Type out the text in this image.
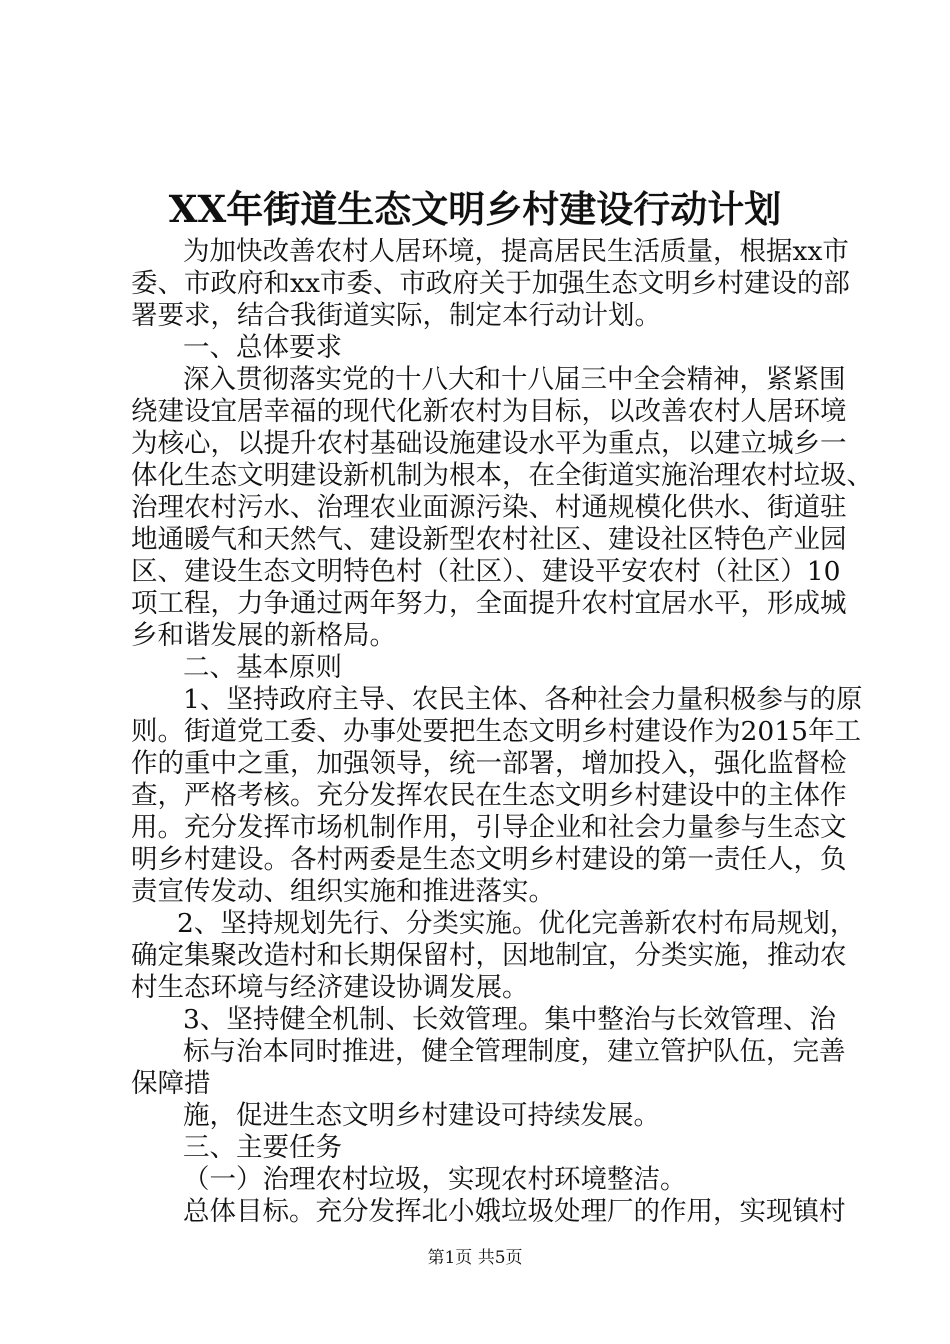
XX年街道生态文明乡村建设行动计划
为加快改善农村人居环境，提高居民生活质量，根据xx市
委、市政府和xx市委、市政府关于加强生态文明乡村建设的部
署要求，结合我街道实际，制定本行动计划。
一、总体要求
深入贯彻落实党的十八大和十八届三中全会精神，紧紧围
绕建设宜居幸福的现代化新农村为目标，以改善农村人居环境
为核心，以提升农村基础设施建设水平为重点，以建立城乡一
体化生态文明建设新机制为根本，在全街道实施治理农村垃圾、
治理农村污水、治理农业面源污染、村通规模化供水、街道驻
地通暖气和天然气、建设新型农村社区、建设社区特色产业园
区、建设生态文明特色村（社区）、建设平安农村（社区）10
项工程，力争通过两年努力，全面提升农村宜居水平，形成城
乡和谐发展的新格局。
二、基本原则
1、坚持政府主导、农民主体、各种社会力量积极参与的原
则。街道党工委、办事处要把生态文明乡村建设作为2015年工
作的重中之重，加强领导，统一部署，增加投入，强化监督检
查，严格考核。充分发挥农民在生态文明乡村建设中的主体作
用。充分发挥市场机制作用，引导企业和社会力量参与生态文
明乡村建设。各村两委是生态文明乡村建设的第一责任人，负
责宣传发动、组织实施和推进落实。
2、坚持规划先行、分类实施。优化完善新农村布局规划，
确定集聚改造村和长期保留村，因地制宜，分类实施，推动农
村生态环境与经济建设协调发展。
3、坚持健全机制、长效管理。集中整治与长效管理、治
标与治本同时推进，健全管理制度，建立管护队伍，完善
保障措
施，促进生态文明乡村建设可持续发展。
三、主要任务
（一）治理农村垃圾，实现农村环境整洁。
总体目标。充分发挥北小娥垃圾处理厂的作用，实现镇村
第1页 共5页
